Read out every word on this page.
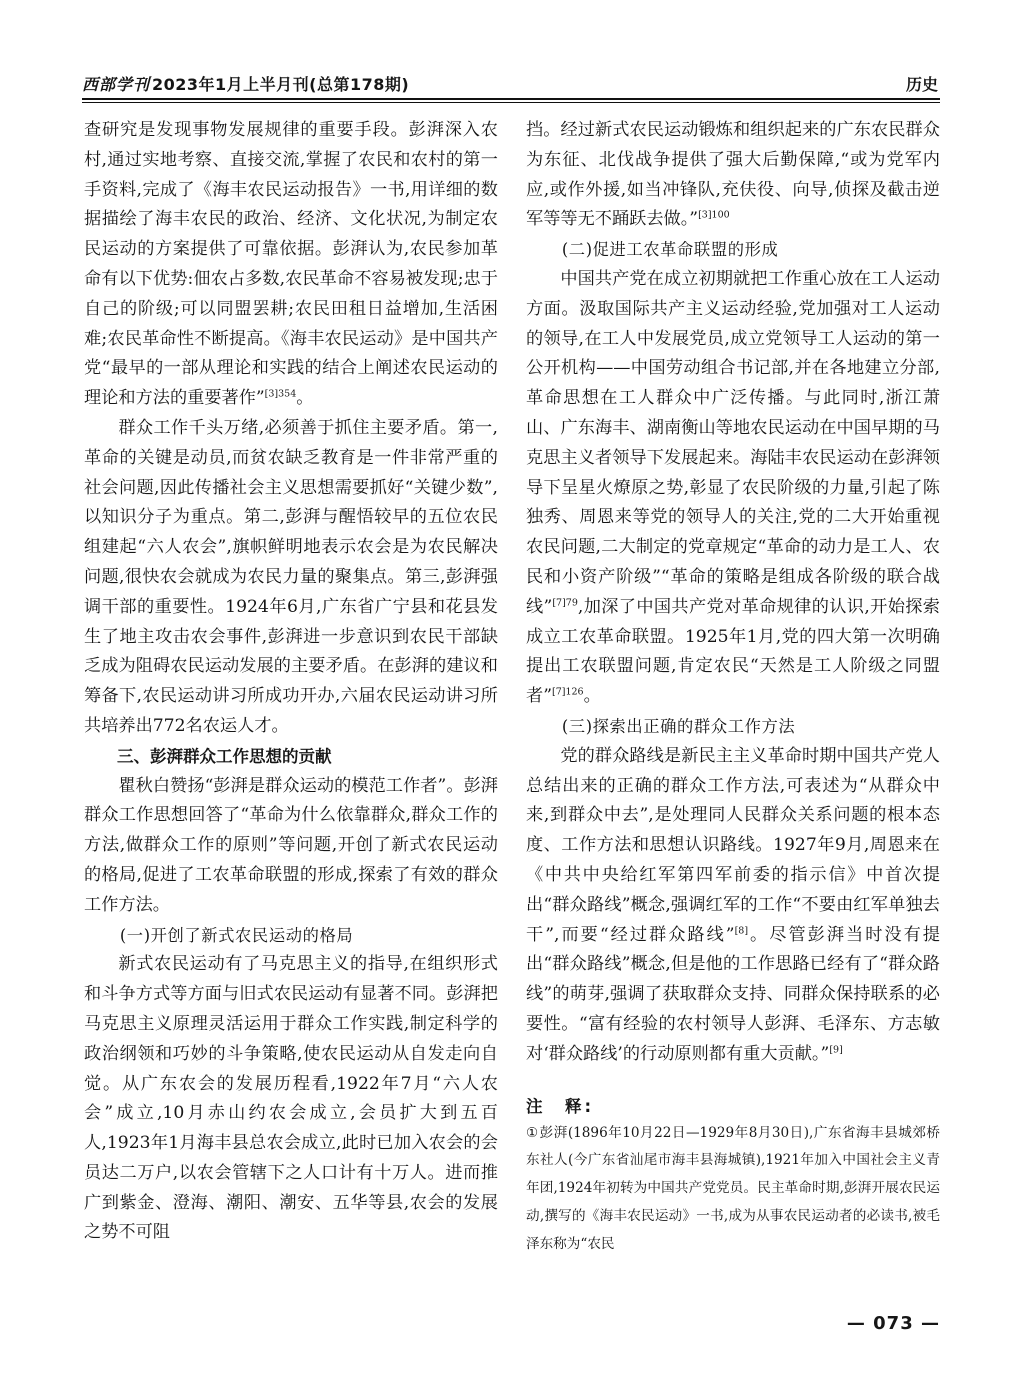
西部学刊 2023年1月上半月刊(总第178期)	历史

查研究是发现事物发展规律的重要手段。彭湃深入农村,通过实地考察、直接交流,掌握了农民和农村的第一手资料,完成了《海丰农民运动报告》一书,用详细的数据描绘了海丰农民的政治、经济、文化状况,为制定农民运动的方案提供了可靠依据。彭湃认为,农民参加革命有以下优势:佃农占多数,农民革命不容易被发现;忠于自己的阶级;可以同盟罢耕;农民田租日益增加,生活困难;农民革命性不断提高。《海丰农民运动》是中国共产党“最早的一部从理论和实践的结合上阐述农民运动的理论和方法的重要著作”$^{[3]354}$。

群众工作千头万绪,必须善于抓住主要矛盾。第一,革命的关键是动员,而贫农缺乏教育是一件非常严重的社会问题,因此传播社会主义思想需要抓好“关键少数”,以知识分子为重点。第二,彭湃与醒悟较早的五位农民组建起“六人农会”,旗帜鲜明地表示农会是为农民解决问题,很快农会就成为农民力量的聚集点。第三,彭湃强调干部的重要性。1924年6月,广东省广宁县和花县发生了地主攻击农会事件,彭湃进一步意识到农民干部缺乏成为阻碍农民运动发展的主要矛盾。在彭湃的建议和筹备下,农民运动讲习所成功开办,六届农民运动讲习所共培养出772名农运人才。

三、彭湃群众工作思想的贡献

瞿秋白赞扬“彭湃是群众运动的模范工作者”。彭湃群众工作思想回答了“革命为什么依靠群众,群众工作的方法,做群众工作的原则”等问题,开创了新式农民运动的格局,促进了工农革命联盟的形成,探索了有效的群众工作方法。

(一)开创了新式农民运动的格局

新式农民运动有了马克思主义的指导,在组织形式和斗争方式等方面与旧式农民运动有显著不同。彭湃把马克思主义原理灵活运用于群众工作实践,制定科学的政治纲领和巧妙的斗争策略,使农民运动从自发走向自觉。从广东农会的发展历程看,1922年7月“六人农会”成立,10月赤山约农会成立,会员扩大到五百人,1923年1月海丰县总农会成立,此时已加入农会的会员达二万户,以农会管辖下之人口计有十万人。进而推广到紫金、澄海、潮阳、潮安、五华等县,农会的发展之势不可阻

挡。经过新式农民运动锻炼和组织起来的广东农民群众为东征、北伐战争提供了强大后勤保障,“或为党军内应,或作外援,如当冲锋队,充伕役、向导,侦探及截击逆军等等无不踊跃去做。”$^{[3]100}$

(二)促进工农革命联盟的形成

中国共产党在成立初期就把工作重心放在工人运动方面。汲取国际共产主义运动经验,党加强对工人运动的领导,在工人中发展党员,成立党领导工人运动的第一公开机构——中国劳动组合书记部,并在各地建立分部,革命思想在工人群众中广泛传播。与此同时,浙江萧山、广东海丰、湖南衡山等地农民运动在中国早期的马克思主义者领导下发展起来。海陆丰农民运动在彭湃领导下呈星火燎原之势,彰显了农民阶级的力量,引起了陈独秀、周恩来等党的领导人的关注,党的二大开始重视农民问题,二大制定的党章规定“革命的动力是工人、农民和小资产阶级”“革命的策略是组成各阶级的联合战线”$^{[7]79}$,加深了中国共产党对革命规律的认识,开始探索成立工农革命联盟。1925年1月,党的四大第一次明确提出工农联盟问题,肯定农民“天然是工人阶级之同盟者”$^{[7]126}$。

(三)探索出正确的群众工作方法

党的群众路线是新民主主义革命时期中国共产党人总结出来的正确的群众工作方法,可表述为“从群众中来,到群众中去”,是处理同人民群众关系问题的根本态度、工作方法和思想认识路线。1927年9月,周恩来在《中共中央给红军第四军前委的指示信》中首次提出“群众路线”概念,强调红军的工作“不要由红军单独去干”,而要“经过群众路线”[8]。尽管彭湃当时没有提出“群众路线”概念,但是他的工作思路已经有了“群众路线”的萌芽,强调了获取群众支持、同群众保持联系的必要性。“富有经验的农村领导人彭湃、毛泽东、方志敏对‘群众路线’的行动原则都有重大贡献。”[9]

注　释:
①彭湃(1896年10月22日—1929年8月30日),广东省海丰县城郊桥东社人(今广东省汕尾市海丰县海城镇),1921年加入中国社会主义青年团,1924年初转为中国共产党党员。民主革命时期,彭湃开展农民运动,撰写的《海丰农民运动》一书,成为从事农民运动者的必读书,被毛泽东称为“农民
— 073 —
